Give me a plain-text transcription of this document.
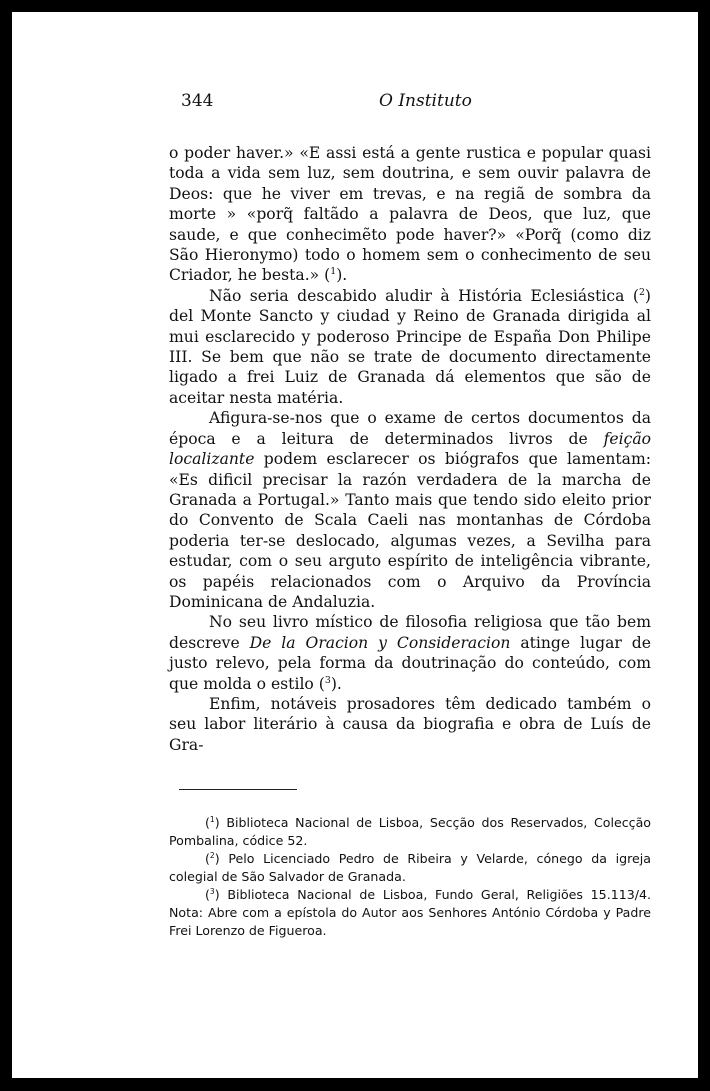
344	O Instituto

o poder haver.» «E assi está a gente rustica e popular quasi toda a vida sem luz, sem doutrina, e sem ouvir palavra de Deos: que he viver em trevas, e na regiã de sombra da morte » «porq̃ faltãdo a palavra de Deos, que luz, que saude, e que conhecimẽto pode haver?» «Porq̃ (como diz São Hieronymo) todo o homem sem o conhecimento de seu Criador, he besta.» ($^1$).

Não seria descabido aludir à História Eclesiástica ($^2$) del Monte Sancto y ciudad y Reino de Granada dirigida al mui esclarecido y poderoso Principe de España Don Philipe III. Se bem que não se trate de documento directamente ligado a frei Luiz de Granada dá elementos que são de aceitar nesta matéria.

Afigura-se-nos que o exame de certos documentos da época e a leitura de determinados livros de feição localizante podem esclarecer os biógrafos que lamentam: «Es dificil precisar la razón verdadera de la marcha de Granada a Portugal.» Tanto mais que tendo sido eleito prior do Convento de Scala Caeli nas montanhas de Córdoba poderia ter-se deslocado, algumas vezes, a Sevilha para estudar, com o seu arguto espírito de inteligência vibrante, os papéis relacionados com o Arquivo da Província Dominicana de Andaluzia.

No seu livro místico de filosofia religiosa que tão bem descreve De la Oracion y Consideracion atinge lugar de justo relevo, pela forma da doutrinação do conteúdo, com que molda o estilo ($^3$).

Enfim, notáveis prosadores têm dedicado também o seu labor literário à causa da biografia e obra de Luís de Gra-

($^1$) Biblioteca Nacional de Lisboa, Secção dos Reservados, Colecção Pombalina, códice 52.

($^2$) Pelo Licenciado Pedro de Ribeira y Velarde, cónego da igreja colegial de São Salvador de Granada.

($^3$) Biblioteca Nacional de Lisboa, Fundo Geral, Religiões 15.113/4. Nota: Abre com a epístola do Autor aos Senhores António Córdoba y Padre Frei Lorenzo de Figueroa.
